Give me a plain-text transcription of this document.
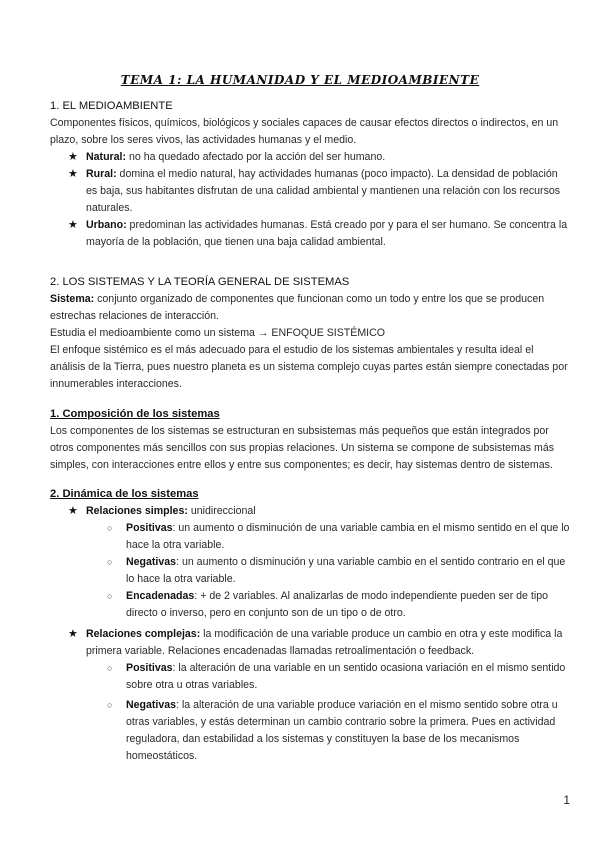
TEMA 1: LA HUMANIDAD Y EL MEDIOAMBIENTE

1. EL MEDIOAMBIENTE

Componentes físicos, químicos, biológicos y sociales capaces de causar efectos directos o indirectos, en un plazo, sobre los seres vivos, las actividades humanas y el medio.

★ Natural: no ha quedado afectado por la acción del ser humano.

★ Rural: domina el medio natural, hay actividades humanas (poco impacto). La densidad de población es baja, sus habitantes disfrutan de una calidad ambiental y mantienen una relación con los recursos naturales.

★ Urbano: predominan las actividades humanas. Está creado por y para el ser humano. Se concentra la mayoría de la población, que tienen una baja calidad ambiental.

2. LOS SISTEMAS Y LA TEORÍA GENERAL DE SISTEMAS

Sistema: conjunto organizado de componentes que funcionan como un todo y entre los que se producen estrechas relaciones de interacción.

Estudia el medioambiente como un sistema → ENFOQUE SISTÉMICO

El enfoque sistémico es el más adecuado para el estudio de los sistemas ambientales y resulta ideal el análisis de la Tierra, pues nuestro planeta es un sistema complejo cuyas partes están siempre conectadas por innumerables interacciones.

1. Composición de los sistemas

Los componentes de los sistemas se estructuran en subsistemas más pequeños que están integrados por otros componentes más sencillos con sus propias relaciones. Un sistema se compone de subsistemas más simples, con interacciones entre ellos y entre sus componentes; es decir, hay sistemas dentro de sistemas.

2. Dinámica de los sistemas

★ Relaciones simples: unidireccional

○ Positivas: un aumento o disminución de una variable cambia en el mismo sentido en el que lo hace la otra variable.

○ Negativas: un aumento o disminución y una variable cambio en el sentido contrario en el que lo hace la otra variable.

○ Encadenadas: + de 2 variables. Al analizarlas de modo independiente pueden ser de tipo directo o inverso, pero en conjunto son de un tipo o de otro.

★ Relaciones complejas: la modificación de una variable produce un cambio en otra y este modifica la primera variable. Relaciones encadenadas llamadas retroalimentación o feedback.

○ Positivas: la alteración de una variable en un sentido ocasiona variación en el mismo sentido sobre otra u otras variables.

○ Negativas: la alteración de una variable produce variación en el mismo sentido sobre otra u otras variables, y estás determinan un cambio contrario sobre la primera. Pues en actividad reguladora, dan estabilidad a los sistemas y constituyen la base de los mecanismos homeostáticos.

1
